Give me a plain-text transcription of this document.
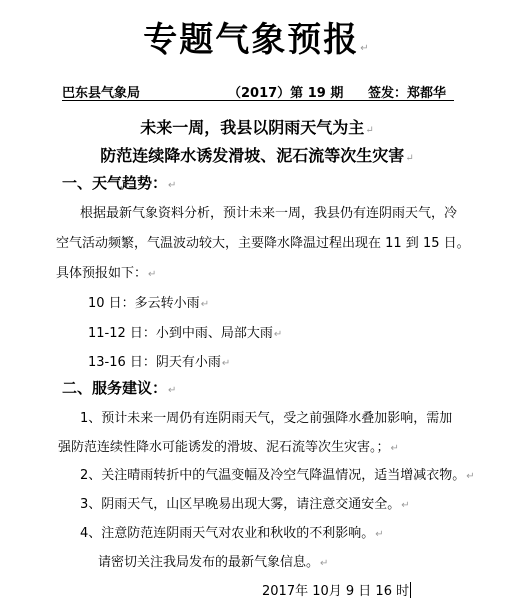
专题气象预报↵
巴东县气象局	（2017）第 19 期 签发：郑都华
未来一周，我县以阴雨天气为主↵
防范连续降水诱发滑坡、泥石流等次生灾害↵
一、天气趋势：↵
根据最新气象资料分析，预计未来一周，我县仍有连阴雨天气，冷
空气活动频繁，气温波动较大，主要降水降温过程出现在 11 到 15 日。
具体预报如下：↵
10 日：多云转小雨↵
11-12 日：小到中雨、局部大雨↵
13-16 日：阴天有小雨↵
二、服务建议：↵
1、预计未来一周仍有连阴雨天气，受之前强降水叠加影响，需加
强防范连续性降水可能诱发的滑坡、泥石流等次生灾害。；↵
2、关注晴雨转折中的气温变幅及冷空气降温情况，适当增减衣物。↵
3、阴雨天气，山区早晚易出现大雾，请注意交通安全。↵
4、注意防范连阴雨天气对农业和秋收的不利影响。↵
请密切关注我局发布的最新气象信息。↵
2017年 10月 9 日 16 时
